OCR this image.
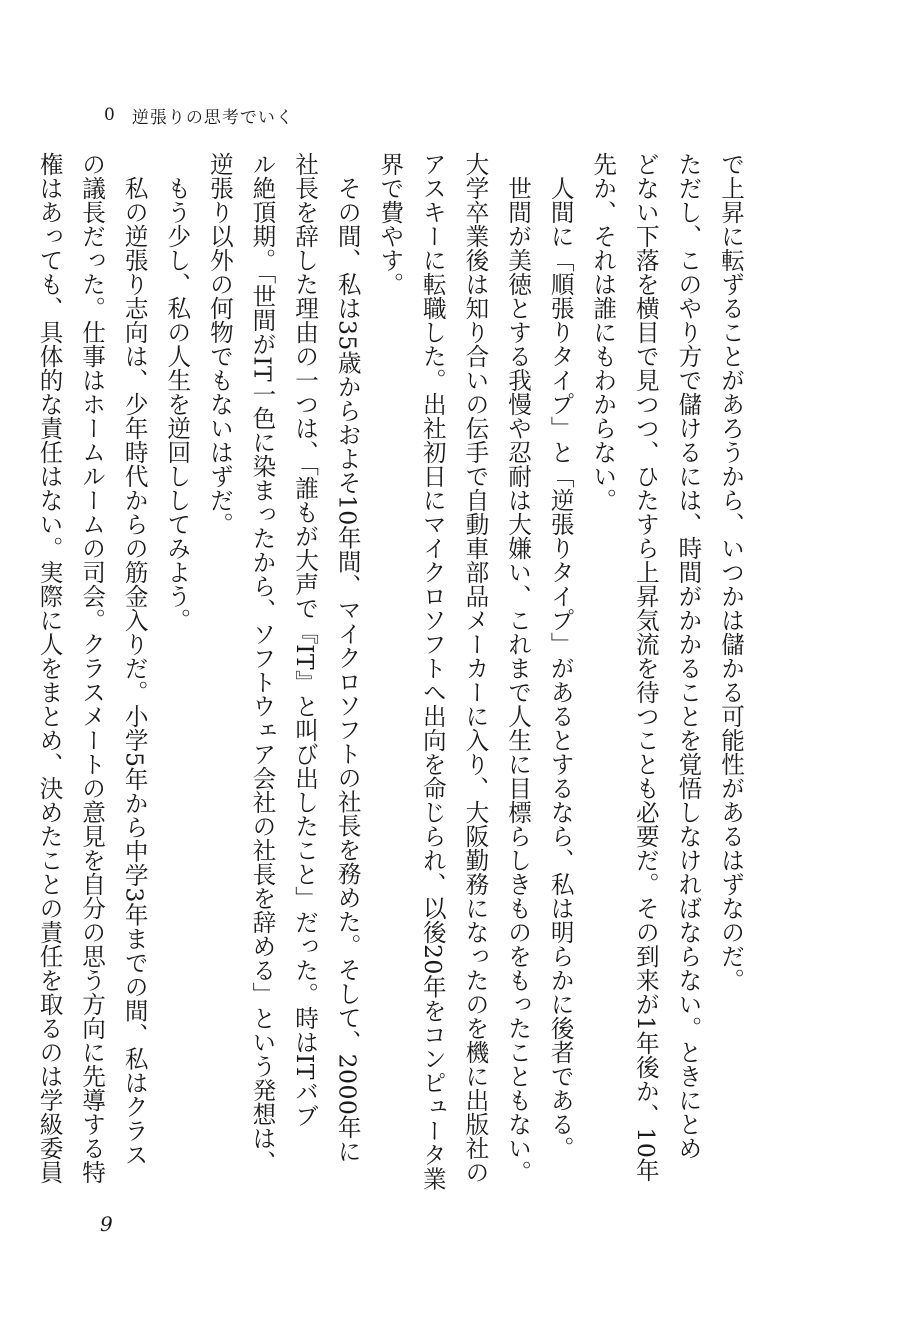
0 逆張りの思考でいく
で上昇に転ずることがあろうから、いつかは儲かる可能性があるはずなのだ。
ただし、このやり方で儲けるには、時間がかかることを覚悟しなければならない。ときにとめ
どない下落を横目で見つつ、ひたすら上昇気流を待つことも必要だ。その到来が1年後か、10年
先か、それは誰にもわからない。
　人間に「順張りタイプ」と「逆張りタイプ」があるとするなら、私は明らかに後者である。
　世間が美徳とする我慢や忍耐は大嫌い、これまで人生に目標らしきものをもったこともない。
大学卒業後は知り合いの伝手で自動車部品メーカーに入り、大阪勤務になったのを機に出版社の
アスキーに転職した。出社初日にマイクロソフトへ出向を命じられ、以後20年をコンピュータ業
界で費やす。
　その間、私は35歳からおよそ10年間、マイクロソフトの社長を務めた。そして、2000年に
社長を辞した理由の一つは、「誰もが大声で『IT』と叫び出したこと」だった。時はITバブ
ル絶頂期。「世間がIT一色に染まったから、ソフトウェア会社の社長を辞める」という発想は、
逆張り以外の何物でもないはずだ。
　もう少し、私の人生を逆回ししてみよう。
　私の逆張り志向は、少年時代からの筋金入りだ。小学5年から中学3年までの間、私はクラス
の議長だった。仕事はホームルームの司会。クラスメートの意見を自分の思う方向に先導する特
権はあっても、具体的な責任はない。実際に人をまとめ、決めたことの責任を取るのは学級委員
9
